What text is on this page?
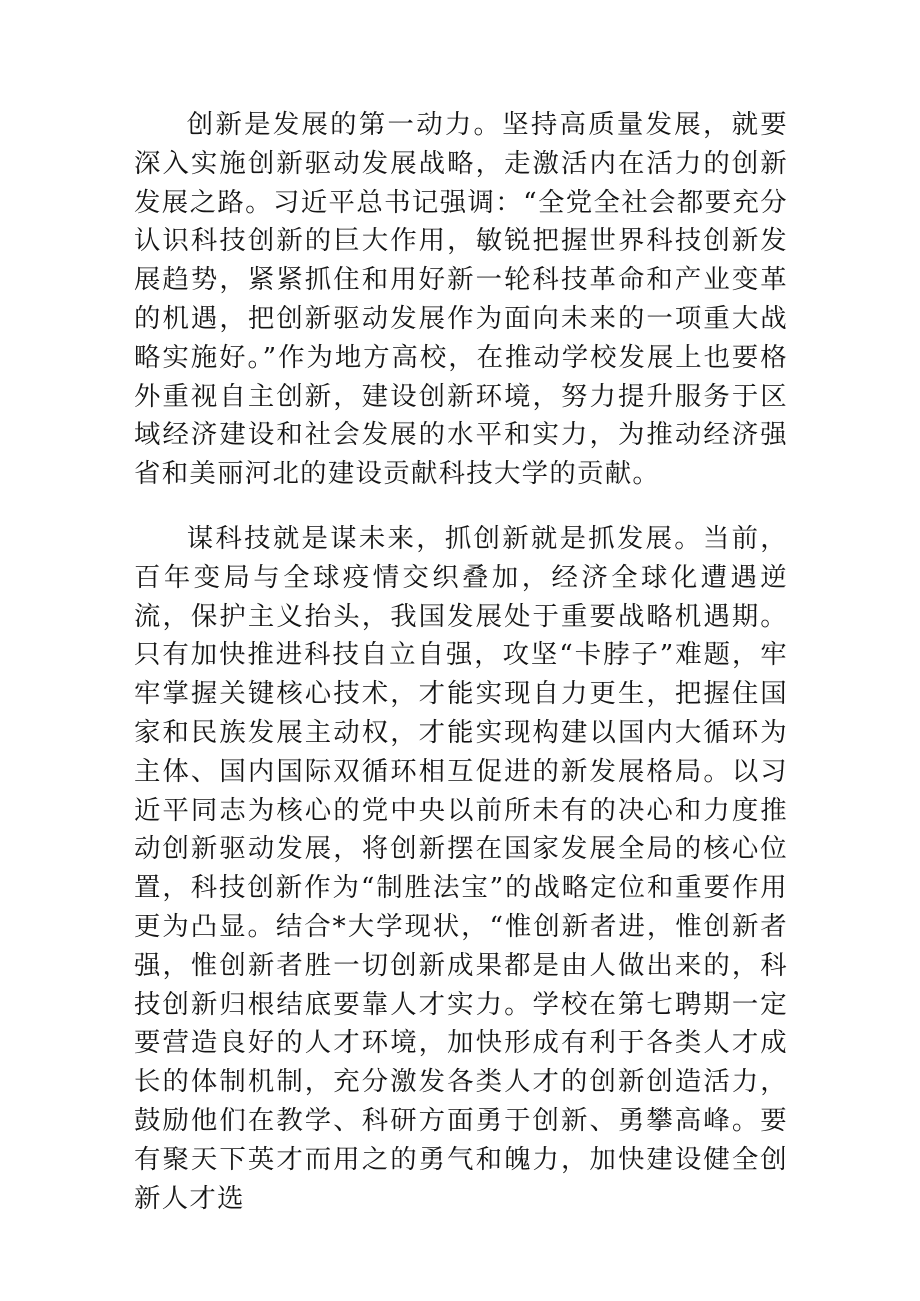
创新是发展的第一动力。坚持高质量发展，就要深入实施创新驱动发展战略，走激活内在活力的创新发展之路。习近平总书记强调：“全党全社会都要充分认识科技创新的巨大作用，敏锐把握世界科技创新发展趋势，紧紧抓住和用好新一轮科技革命和产业变革的机遇，把创新驱动发展作为面向未来的一项重大战略实施好。”作为地方高校，在推动学校发展上也要格外重视自主创新，建设创新环境，努力提升服务于区域经济建设和社会发展的水平和实力，为推动经济强省和美丽河北的建设贡献科技大学的贡献。

谋科技就是谋未来，抓创新就是抓发展。当前，百年变局与全球疫情交织叠加，经济全球化遭遇逆流，保护主义抬头，我国发展处于重要战略机遇期。只有加快推进科技自立自强，攻坚“卡脖子”难题，牢牢掌握关键核心技术，才能实现自力更生，把握住国家和民族发展主动权，才能实现构建以国内大循环为主体、国内国际双循环相互促进的新发展格局。以习近平同志为核心的党中央以前所未有的决心和力度推动创新驱动发展，将创新摆在国家发展全局的核心位置，科技创新作为“制胜法宝”的战略定位和重要作用更为凸显。结合*大学现状，“惟创新者进，惟创新者强，惟创新者胜一切创新成果都是由人做出来的，科技创新归根结底要靠人才实力。学校在第七聘期一定要营造良好的人才环境，加快形成有利于各类人才成长的体制机制，充分激发各类人才的创新创造活力，鼓励他们在教学、科研方面勇于创新、勇攀高峰。要有聚天下英才而用之的勇气和魄力，加快建设健全创新人才选
